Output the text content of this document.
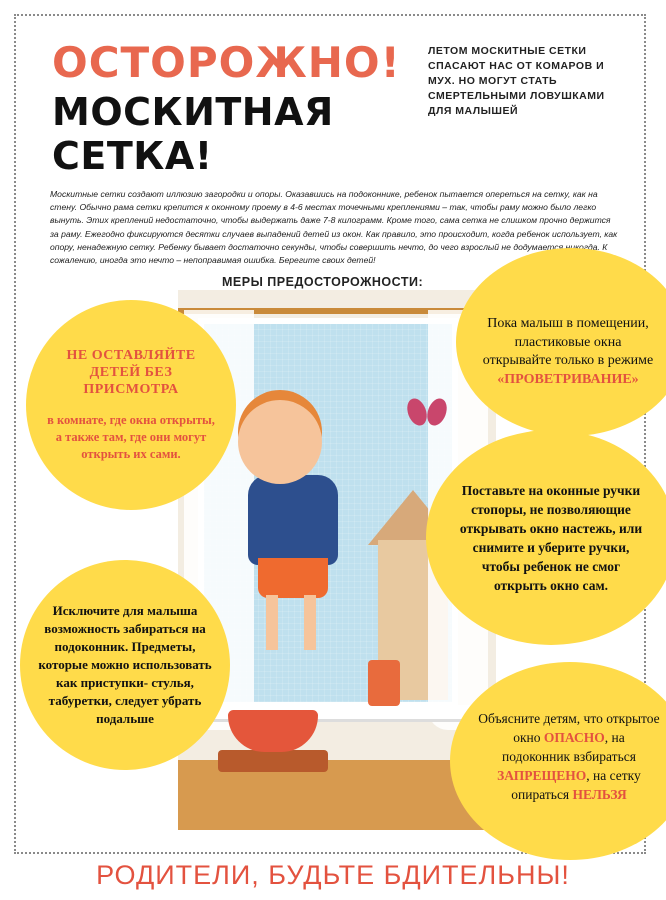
ОСТОРОЖНО!
МОСКИТНАЯ
СЕТКА!
ЛЕТОМ МОСКИТНЫЕ СЕТКИ СПАСАЮТ НАС ОТ КОМАРОВ И МУХ. НО МОГУТ СТАТЬ СМЕРТЕЛЬНЫМИ ЛОВУШКАМИ ДЛЯ МАЛЫШЕЙ
Москитные сетки создают иллюзию загородки и опоры. Оказавшись на подоконнике, ребенок пытается опереться на сетку, как на стену. Обычно рама сетки крепится к оконному проему в 4-6 местах точечными креплениями – так, чтобы раму можно было легко вынуть. Этих креплений недостаточно, чтобы выдержать даже 7-8 килограмм. Кроме того, сама сетка не слишком прочно держится за раму. Ежегодно фиксируются десятки случаев выпадений детей из окон. Как правило, это происходит, когда ребенок использует, как опору, ненадежную сетку. Ребенку бывает достаточно секунды, чтобы совершить нечто, до чего взрослый не додумается никогда. К сожалению, иногда это нечто – непоправимая ошибка. Берегите своих детей!
МЕРЫ ПРЕДОСТОРОЖНОСТИ:

НЕ ОСТАВЛЯЙТЕ ДЕТЕЙ БЕЗ ПРИСМОТРА

в комнате, где окна открыты, а также там, где они могут открыть их сами.

Пока малыш в помещении, пластиковые окна открывайте только в режиме «ПРОВЕТРИВАНИЕ»

Поставьте на оконные ручки стопоры, не позволяющие открывать окно настежь, или снимите и уберите ручки, чтобы ребенок не смог открыть окно сам.

Исключите для малыша возможность забираться на подоконник. Предметы, которые можно использовать как приступки- стулья, табуретки, следует убрать подальше	Объясните детям, что открытое окно ОПАСНО, на подоконник взбираться ЗАПРЕЩЕНО, на сетку опираться НЕЛЬЗЯ

РОДИТЕЛИ, БУДЬТЕ БДИТЕЛЬНЫ!
